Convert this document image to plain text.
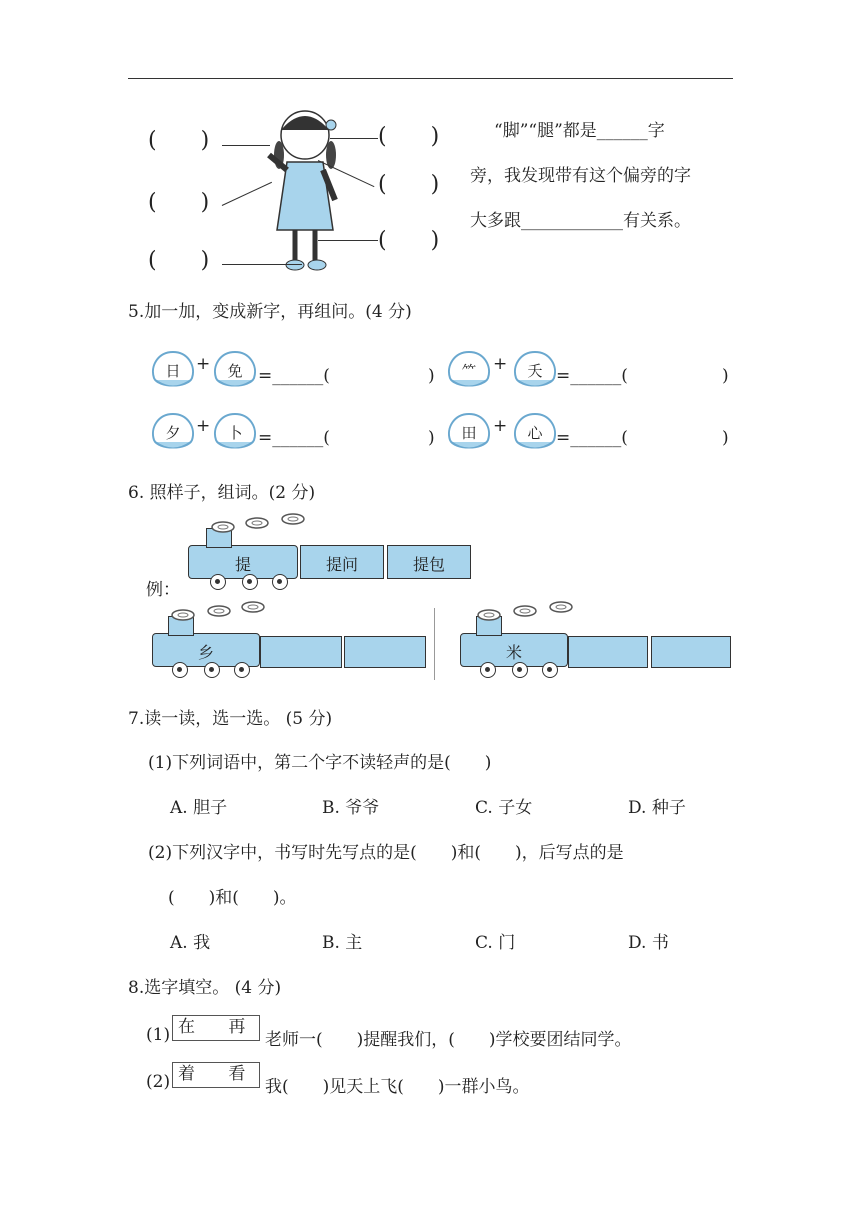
( )
( )
( )
( )
( )
( )
“脚”“腿”都是______字
旁，我发现带有这个偏旁的字
大多跟____________有关系。
5.加一加，变成新字，再组问。(4 分)
日	免	⺮	夭
+	+
=______(	)	=______(	)
夕	卜	田	心
+	+
=______(	)	=______(	)
6. 照样子，组词。(2 分)
例：
提	提问	提包
乡	米
7.读一读，选一选。 (5 分)
(1)下列词语中，第二个字不读轻声的是(　　)
A. 胆子	B. 爷爷	C. 子女	D. 种子
(2)下列汉字中，书写时先写点的是(　　)和(　　)，后写点的是
(　　)和(　　)。
A. 我	B. 主	C. 门	D. 书
8.选字填空。 (4 分)
(1) 在 再
老师一(　　)提醒我们，(　　)学校要团结同学。
(2) 着 看
我(　　)见天上飞(　　)一群小鸟。
